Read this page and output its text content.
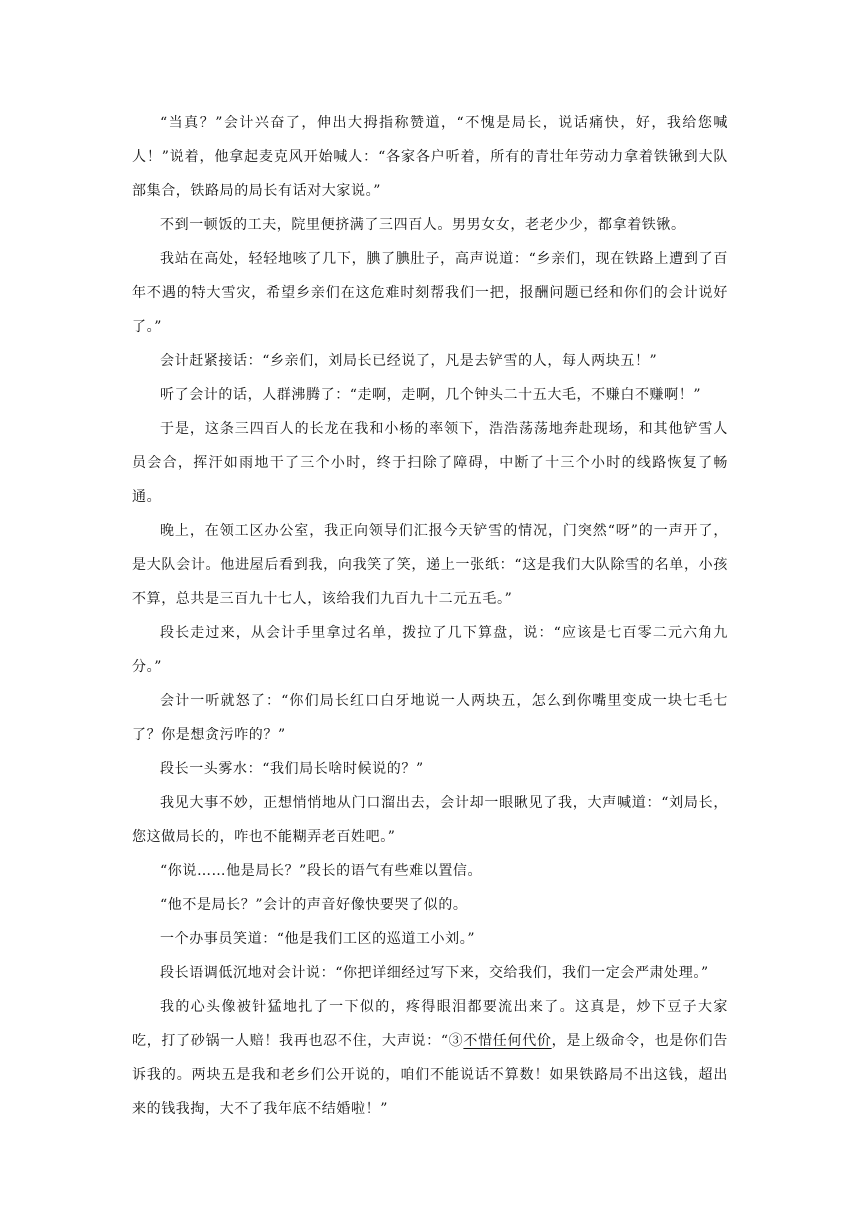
“当真？”会计兴奋了，伸出大拇指称赞道，“不愧是局长，说话痛快，好，我给您喊人！”说着，他拿起麦克风开始喊人：“各家各户听着，所有的青壮年劳动力拿着铁锹到大队部集合，铁路局的局长有话对大家说。”

不到一顿饭的工夫，院里便挤满了三四百人。男男女女，老老少少，都拿着铁锹。

我站在高处，轻轻地咳了几下，腆了腆肚子，高声说道：“乡亲们，现在铁路上遭到了百年不遇的特大雪灾，希望乡亲们在这危难时刻帮我们一把，报酬问题已经和你们的会计说好了。”

会计赶紧接话：“乡亲们，刘局长已经说了，凡是去铲雪的人，每人两块五！”

听了会计的话，人群沸腾了：“走啊，走啊，几个钟头二十五大毛，不赚白不赚啊！”

于是，这条三四百人的长龙在我和小杨的率领下，浩浩荡荡地奔赴现场，和其他铲雪人员会合，挥汗如雨地干了三个小时，终于扫除了障碍，中断了十三个小时的线路恢复了畅通。

晚上，在领工区办公室，我正向领导们汇报今天铲雪的情况，门突然“呀”的一声开了，是大队会计。他进屋后看到我，向我笑了笑，递上一张纸：“这是我们大队除雪的名单，小孩不算，总共是三百九十七人，该给我们九百九十二元五毛。”

段长走过来，从会计手里拿过名单，拨拉了几下算盘，说：“应该是七百零二元六角九分。”

会计一听就怒了：“你们局长红口白牙地说一人两块五，怎么到你嘴里变成一块七毛七了？你是想贪污咋的？”

段长一头雾水：“我们局长啥时候说的？”

我见大事不妙，正想悄悄地从门口溜出去，会计却一眼瞅见了我，大声喊道：“刘局长，您这做局长的，咋也不能糊弄老百姓吧。”

“你说……他是局长？”段长的语气有些难以置信。

“他不是局长？”会计的声音好像快要哭了似的。

一个办事员笑道：“他是我们工区的巡道工小刘。”

段长语调低沉地对会计说：“你把详细经过写下来，交给我们，我们一定会严肃处理。”

我的心头像被针猛地扎了一下似的，疼得眼泪都要流出来了。这真是，炒下豆子大家吃，打了砂锅一人赔！我再也忍不住，大声说：“③不惜任何代价，是上级命令，也是你们告诉我的。两块五是我和老乡们公开说的，咱们不能说话不算数！如果铁路局不出这钱，超出来的钱我掏，大不了我年底不结婚啦！”
